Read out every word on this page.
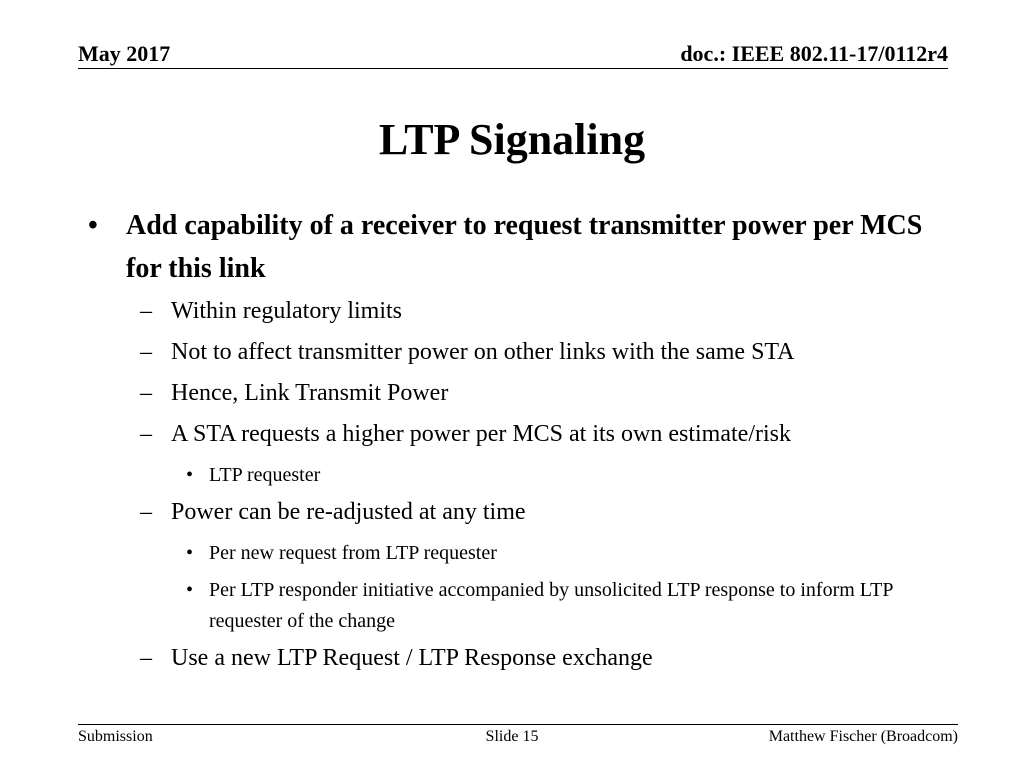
May 2017	doc.: IEEE 802.11-17/0112r4
LTP Signaling
• Add capability of a receiver to request transmitter power per MCS for this link
– Within regulatory limits
– Not to affect transmitter power on other links with the same STA
– Hence, Link Transmit Power
– A STA requests a higher power per MCS at its own estimate/risk
• LTP requester
– Power can be re-adjusted at any time
• Per new request from LTP requester
• Per LTP responder initiative accompanied by unsolicited LTP response to inform LTP requester of the change
– Use a new LTP Request / LTP Response exchange
Submission	Slide 15	Matthew Fischer (Broadcom)
